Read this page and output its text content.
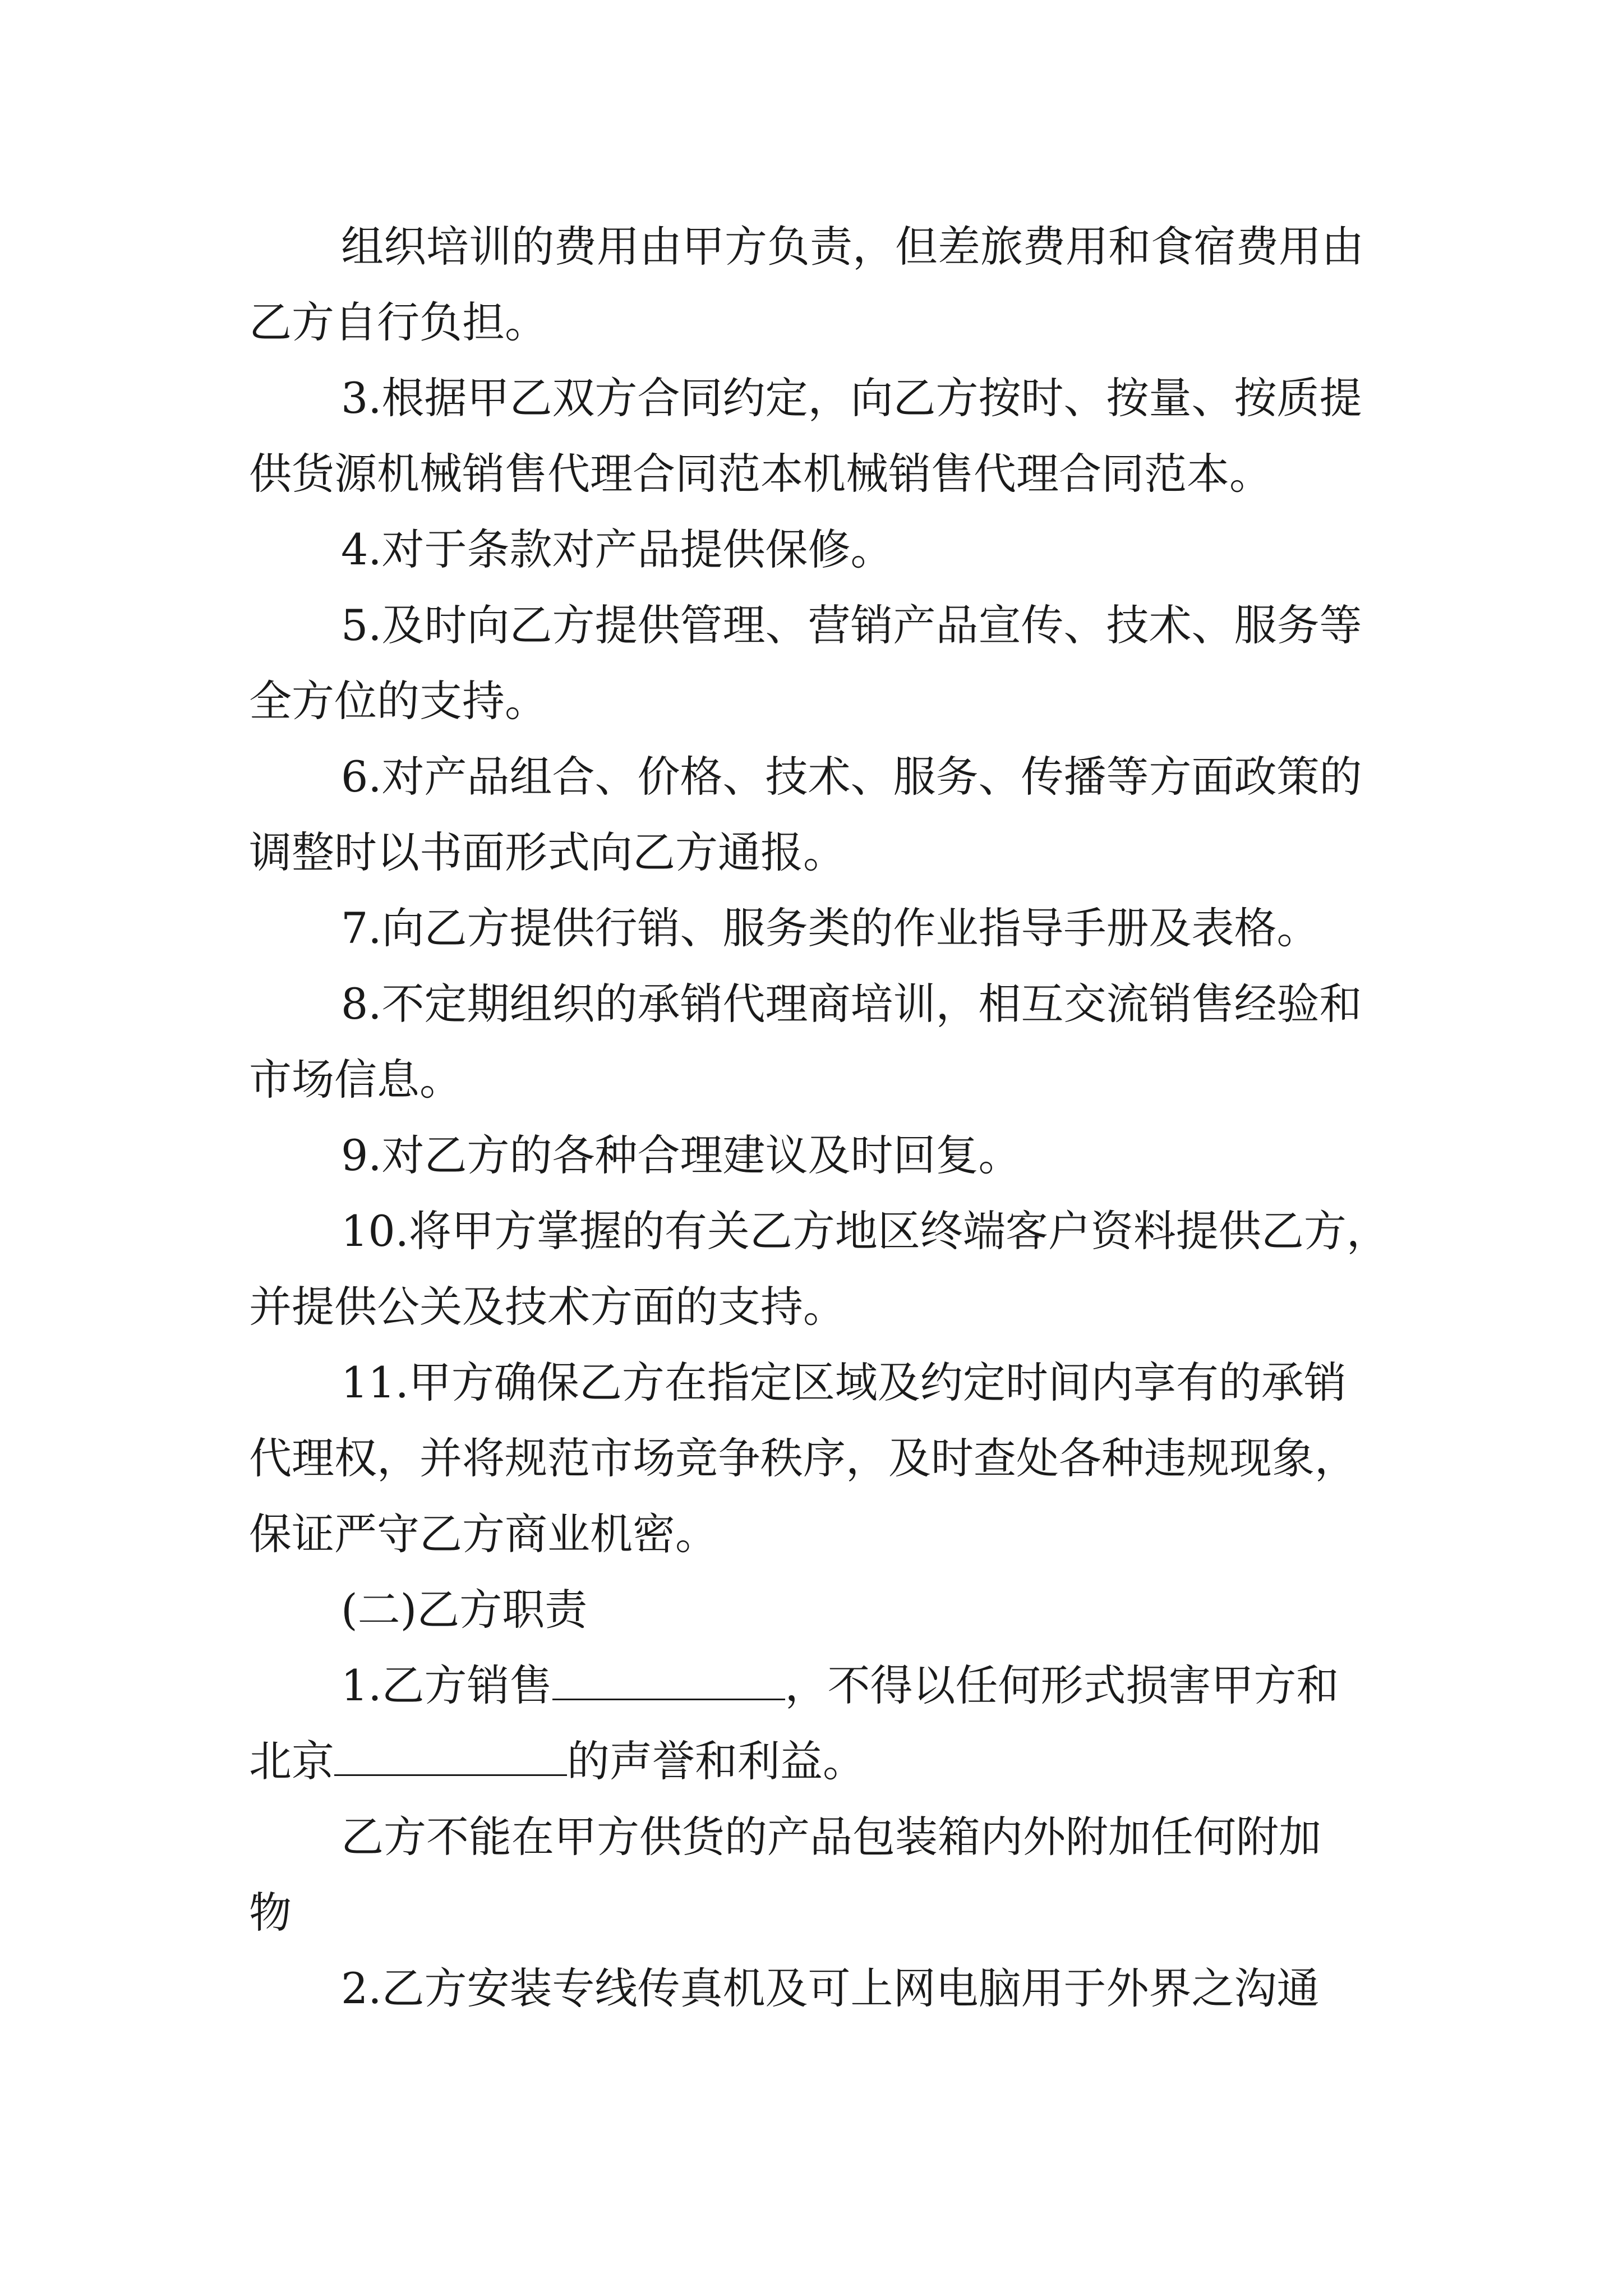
组织培训的费用由甲方负责，但差旅费用和食宿费用由
乙方自行负担。
3.根据甲乙双方合同约定，向乙方按时、按量、按质提
供货源机械销售代理合同范本机械销售代理合同范本。
4.对于条款对产品提供保修。
5.及时向乙方提供管理、营销产品宣传、技术、服务等
全方位的支持。
6.对产品组合、价格、技术、服务、传播等方面政策的
调整时以书面形式向乙方通报。
7.向乙方提供行销、服务类的作业指导手册及表格。
8.不定期组织的承销代理商培训，相互交流销售经验和
市场信息。
9.对乙方的各种合理建议及时回复。
10.将甲方掌握的有关乙方地区终端客户资料提供乙方，
并提供公关及技术方面的支持。
11.甲方确保乙方在指定区域及约定时间内享有的承销
代理权，并将规范市场竞争秩序，及时查处各种违规现象，
保证严守乙方商业机密。
(二)乙方职责
1.乙方销售	，不得以任何形式损害甲方和
北京	的声誉和利益。
乙方不能在甲方供货的产品包装箱内外附加任何附加
物
2.乙方安装专线传真机及可上网电脑用于外界之沟通
